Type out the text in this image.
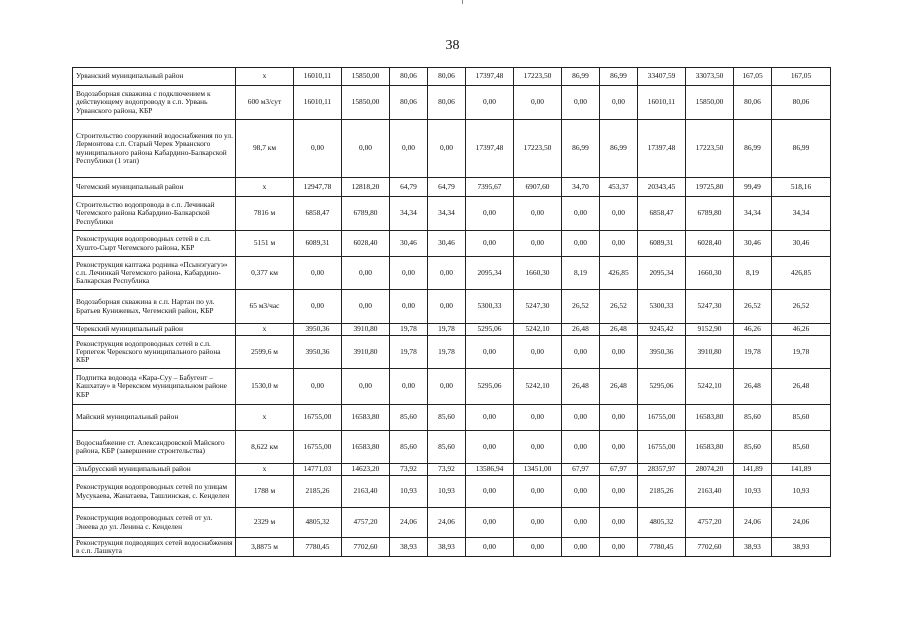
38
Урванский муниципальный район	х	16010,11	15850,00	80,06	80,06	17397,48	17223,50	86,99	86,99	33407,59	33073,50	167,05	167,05
Водозаборная скважина с подключением к действующему водопроводу в с.п. Урвань Урванского района, КБР	600 м3/сут	16010,11	15850,00	80,06	80,06	0,00	0,00	0,00	0,00	16010,11	15850,00	80,06	80,06
Строительство сооружений водоснабжения по ул. Лермонтова с.п. Старый Черек Урванского муниципального района Кабардино-Балкарской Республики (1 этап)	98,7 км	0,00	0,00	0,00	0,00	17397,48	17223,50	86,99	86,99	17397,48	17223,50	86,99	86,99
Чегемский муниципальный район	х	12947,78	12818,20	64,79	64,79	7395,67	6907,60	34,70	453,37	20343,45	19725,80	99,49	518,16
Строительство водопровода в с.п. Лечинкай Чегемского района Кабардино-Балкарской Республики	7816 м	6858,47	6789,80	34,34	34,34	0,00	0,00	0,00	0,00	6858,47	6789,80	34,34	34,34
Реконструкция водопроводных сетей в с.п. Хушто-Сырт Чегемского района, КБР	5151 м	6089,31	6028,40	30,46	30,46	0,00	0,00	0,00	0,00	6089,31	6028,40	30,46	30,46
Реконструкция каптажа родника «Псынэгуагуэ» с.п. Лечинкай Чегемского района, Кабардино-Балкарская Республика	0,377 км	0,00	0,00	0,00	0,00	2095,34	1660,30	8,19	426,85	2095,34	1660,30	8,19	426,85
Водозаборная скважина в с.п. Нартан по ул. Братьев Кунижевых, Чегемский район, КБР	65 м3/час	0,00	0,00	0,00	0,00	5300,33	5247,30	26,52	26,52	5300,33	5247,30	26,52	26,52
Черекский муниципальный район	х	3950,36	3910,80	19,78	19,78	5295,06	5242,10	26,48	26,48	9245,42	9152,90	46,26	46,26
Реконструкция водопроводных сетей в с.п. Герпегеж Черекского муниципального района КБР	2599,6 м	3950,36	3910,80	19,78	19,78	0,00	0,00	0,00	0,00	3950,36	3910,80	19,78	19,78
Подпитка водовода «Кара-Суу – Бабугент – Кашхатау» в Черекском муниципальном районе КБР	1530,0 м	0,00	0,00	0,00	0,00	5295,06	5242,10	26,48	26,48	5295,06	5242,10	26,48	26,48
Майский муниципальный район	х	16755,00	16583,80	85,60	85,60	0,00	0,00	0,00	0,00	16755,00	16583,80	85,60	85,60
Водоснабжение ст. Александровской Майского района, КБР (завершение строительства)	8,622 км	16755,00	16583,80	85,60	85,60	0,00	0,00	0,00	0,00	16755,00	16583,80	85,60	85,60
Эльбрусский муниципальный район	х	14771,03	14623,20	73,92	73,92	13586,94	13451,00	67,97	67,97	28357,97	28074,20	141,89	141,89
Реконструкция водопроводных сетей по улицам Мусукаева, Жанатаева, Ташлинская, с. Кенделен	1788 м	2185,26	2163,40	10,93	10,93	0,00	0,00	0,00	0,00	2185,26	2163,40	10,93	10,93
Реконструкция водопроводных сетей от ул. Энеева до ул. Ленина с. Кенделен	2329 м	4805,32	4757,20	24,06	24,06	0,00	0,00	0,00	0,00	4805,32	4757,20	24,06	24,06
Реконструкция подводящих сетей водоснабжения в с.п. Лашкута	3,8875 м	7780,45	7702,60	38,93	38,93	0,00	0,00	0,00	0,00	7780,45	7702,60	38,93	38,93
